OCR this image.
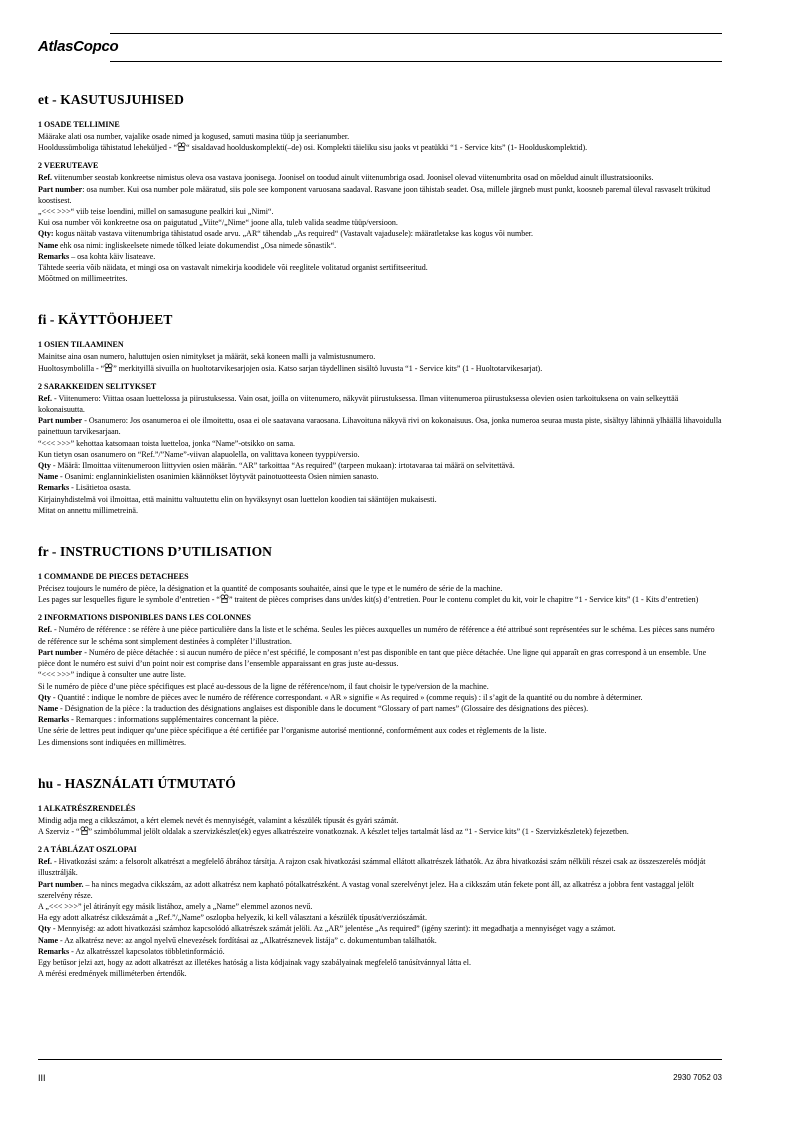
AtlasCopco
et - KASUTUSJUHISED
1 OSADE TELLIMINE

Määrake alati osa number, vajalike osade nimed ja kogused, samuti masina tüüp ja seerianumber.

Hooldussümboliga tähistatud leheküljed - “ “ sisaldavad hoolduskomplekti(–de) osi. Komplekti täieliku sisu jaoks vt peatükki “1 - Service kits” (1- Hoolduskomplektid).

2 VEERUTEAVE

Ref. viitenumber seostab konkreetse nimistus oleva osa vastava joonisega. Joonisel on toodud ainult viitenumbriga osad. Joonisel olevad viitenumbrita osad on mõeldud ainult illustratsiooniks.

Part number: osa number. Kui osa number pole määratud, siis pole see komponent varuosana saadaval. Rasvane joon tähistab seadet. Osa, millele järgneb must punkt, koosneb paremal üleval rasvaselt trükitud koostisest.

„<<< >>>“ viib teise loendini, millel on samasugune pealkiri kui „Nimi“.

Kui osa number või konkreetne osa on paigutatud „Viite“/„Nime“ joone alla, tuleb valida seadme tüüp/versioon.

Qty: kogus näitab vastava viitenumbriga tähistatud osade arvu. „AR“ tähendab „As required“ (Vastavalt vajadusele): määratletakse kas kogus või number.

Name ehk osa nimi: ingliskeelsete nimede tõlked leiate dokumendist „Osa nimede sõnastik“.

Remarks – osa kohta käiv lisateave.

Tähtede seeria võib näidata, et mingi osa on vastavalt nimekirja koodidele või reeglitele volitatud organist sertifitseeritud.

Mõõtmed on millimeetrites.

fi - KÄYTTÖOHJEET
1 OSIEN TILAAMINEN

Mainitse aina osan numero, haluttujen osien nimitykset ja määrät, sekä koneen malli ja valmistusnumero.

Huoltosymbolilla - “ ” merkityillä sivuilla on huoltotarvikesarjojen osia. Katso sarjan täydellinen sisältö luvusta “1 - Service kits” (1 - Huoltotarvikesarjat).

2 SARAKKEIDEN SELITYKSET

Ref. - Viitenumero: Viittaa osaan luettelossa ja piirustuksessa. Vain osat, joilla on viitenumero, näkyvät piirustuksessa. Ilman viitenumeroa piirustuksessa olevien osien tarkoituksena on vain selkeyttää kokonaisuutta.

Part number - Osanumero: Jos osanumeroa ei ole ilmoitettu, osaa ei ole saatavana varaosana. Lihavoituna näkyvä rivi on kokonaisuus. Osa, jonka numeroa seuraa musta piste, sisältyy lähinnä ylhäällä lihavoidulla painettuun tarvikesarjaan.

“<<< >>>” kehottaa katsomaan toista luetteloa, jonka “Name”-otsikko on sama.

Kun tietyn osan osanumero on “Ref.”/”Name”-viivan alapuolella, on valittava koneen tyyppi/versio.

Qty - Määrä: Ilmoittaa viitenumeroon liittyvien osien määrän. “AR” tarkoittaa “As required” (tarpeen mukaan): irtotavaraa tai määrä on selvitettävä.

Name - Osanimi: englanninkielisten osanimien käännökset löytyvät painotuotteesta Osien nimien sanasto.

Remarks - Lisätietoa osasta.

Kirjainyhdistelmä voi ilmoittaa, että mainittu valtuutettu elin on hyväksynyt osan luettelon koodien tai sääntöjen mukaisesti.

Mitat on annettu millimetreinä.

fr - INSTRUCTIONS D’UTILISATION
1 COMMANDE DE PIECES DETACHEES

Précisez toujours le numéro de pièce, la désignation et la quantité de composants souhaitée, ainsi que le type et le numéro de série de la machine.

Les pages sur lesquelles figure le symbole d’entretien - “ ” traitent de pièces comprises dans un/des kit(s) d’entretien. Pour le contenu complet du kit, voir le chapitre “1 - Service kits” (1 - Kits d’entretien)

2 INFORMATIONS DISPONIBLES DANS LES COLONNES

Ref. - Numéro de référence : se réfère à une pièce particulière dans la liste et le schéma. Seules les pièces auxquelles un numéro de référence a été attribué sont représentées sur le schéma. Les pièces sans numéro de référence sur le schéma sont simplement destinées à compléter l’illustration.

Part number - Numéro de pièce détachée : si aucun numéro de pièce n’est spécifié, le composant n’est pas disponible en tant que pièce détachée. Une ligne qui apparaît en gras correspond à un ensemble. Une pièce dont le numéro est suivi d’un point noir est comprise dans l’ensemble apparaissant en gras juste au-dessus.

“<<< >>>” indique à consulter une autre liste.

Si le numéro de pièce d’une pièce spécifiques est placé au-dessous de la ligne de référence/nom, il faut choisir le type/version de la machine.

Qty - Quantité : indique le nombre de pièces avec le numéro de référence correspondant. « AR » signifie « As required » (comme requis) : il s’agit de la quantité ou du nombre à déterminer.

Name - Désignation de la pièce : la traduction des désignations anglaises est disponible dans le document “Glossary of part names” (Glossaire des désignations des pièces).

Remarks - Remarques : informations supplémentaires concernant la pièce.

Une série de lettres peut indiquer qu’une pièce spécifique a été certifiée par l’organisme autorisé mentionné, conformément aux codes et règlements de la liste.

Les dimensions sont indiquées en millimètres.

hu - HASZNÁLATI ÚTMUTATÓ
1 ALKATRÉSZRENDELÉS

Mindig adja meg a cikkszámot, a kért elemek nevét és mennyiségét, valamint a készülék típusát és gyári számát.

A Szerviz - “ ” szimbólummal jelölt oldalak a szervizkészlet(ek) egyes alkatrészeire vonatkoznak. A készlet teljes tartalmát lásd az “1 - Service kits” (1 - Szervizkészletek) fejezetben.

2 A TÁBLÁZAT OSZLOPAI

Ref. - Hivatkozási szám: a felsorolt alkatrészt a megfelelő ábrához társítja. A rajzon csak hivatkozási számmal ellátott alkatrészek láthatók. Az ábra hivatkozási szám nélküli részei csak az összeszerelés módját illusztrálják.

Part number. – ha nincs megadva cikkszám, az adott alkatrész nem kapható pótalkatrészként. A vastag vonal szerelvényt jelez. Ha a cikkszám után fekete pont áll, az alkatrész a jobbra fent vastaggal jelölt szerelvény része.

A „<<< >>>” jel átirányít egy másik listához, amely a „Name” elemmel azonos nevű.

Ha egy adott alkatrész cikkszámát a „Ref.”/„Name” oszlopba helyezik, ki kell választani a készülék típusát/verziószámát.

Qty - Mennyiség: az adott hivatkozási számhoz kapcsolódó alkatrészek számát jelöli. Az „AR” jelentése „As required” (igény szerint): itt megadhatja a mennyiséget vagy a számot.

Name - Az alkatrész neve: az angol nyelvű elnevezések fordításai az „Alkatrésznevek listája” c. dokumentumban találhatók.

Remarks - Az alkatrésszel kapcsolatos többletinformáció.

Egy betűsor jelzi azt, hogy az adott alkatrészt az illetékes hatóság a lista kódjainak vagy szabályainak megfelelő tanúsítvánnyal látta el.

A mérési eredmények milliméterben értendők.

III	2930 7052 03
